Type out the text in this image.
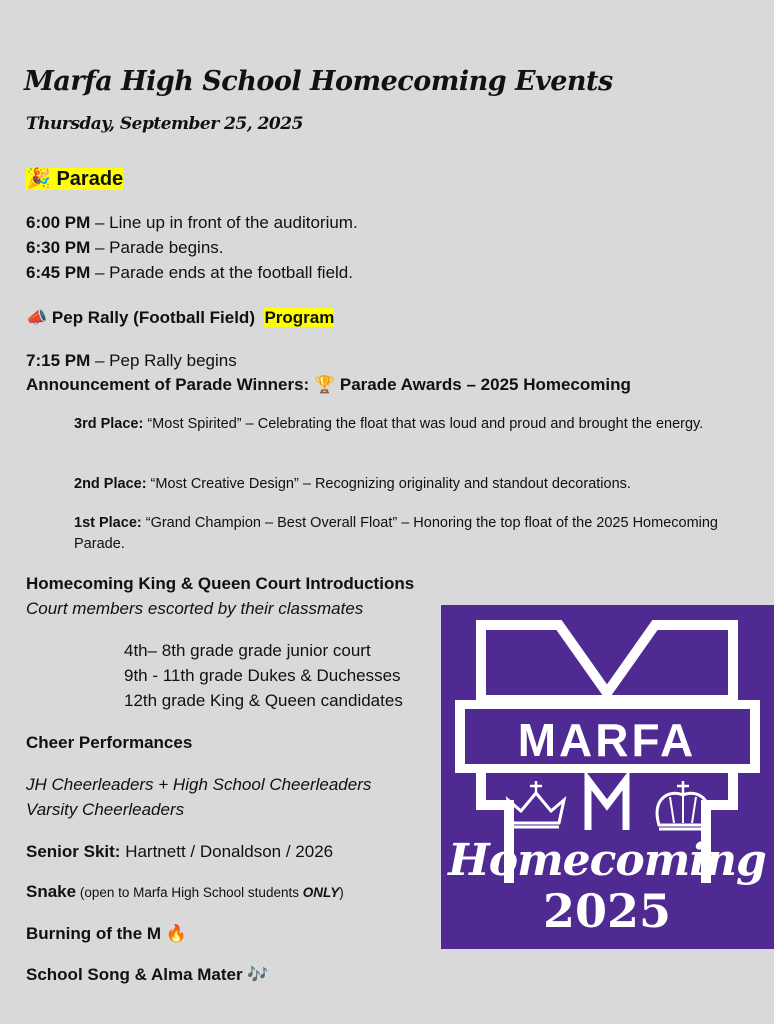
Marfa High School Homecoming Events
Thursday, September 25, 2025
🎉 Parade
6:00 PM – Line up in front of the auditorium.
6:30 PM – Parade begins.
6:45 PM – Parade ends at the football field.
📣 Pep Rally (Football Field) Program
7:15 PM – Pep Rally begins
Announcement of Parade Winners: 🏆 Parade Awards – 2025 Homecoming
3rd Place: “Most Spirited” – Celebrating the float that was loud and proud and brought the energy.
2nd Place: “Most Creative Design” – Recognizing originality and standout decorations.
1st Place: “Grand Champion – Best Overall Float” – Honoring the top float of the 2025 Homecoming Parade.
Homecoming King & Queen Court Introductions
Court members escorted by their classmates
4th– 8th grade grade junior court
9th - 11th grade Dukes & Duchesses
12th grade King & Queen candidates
Cheer Performances
JH Cheerleaders + High School Cheerleaders
Varsity Cheerleaders
Senior Skit: Hartnett / Donaldson / 2026
Snake (open to Marfa High School students ONLY)
Burning of the M 🔥
School Song & Alma Mater 🎶
MARFA
Homecoming
2025
